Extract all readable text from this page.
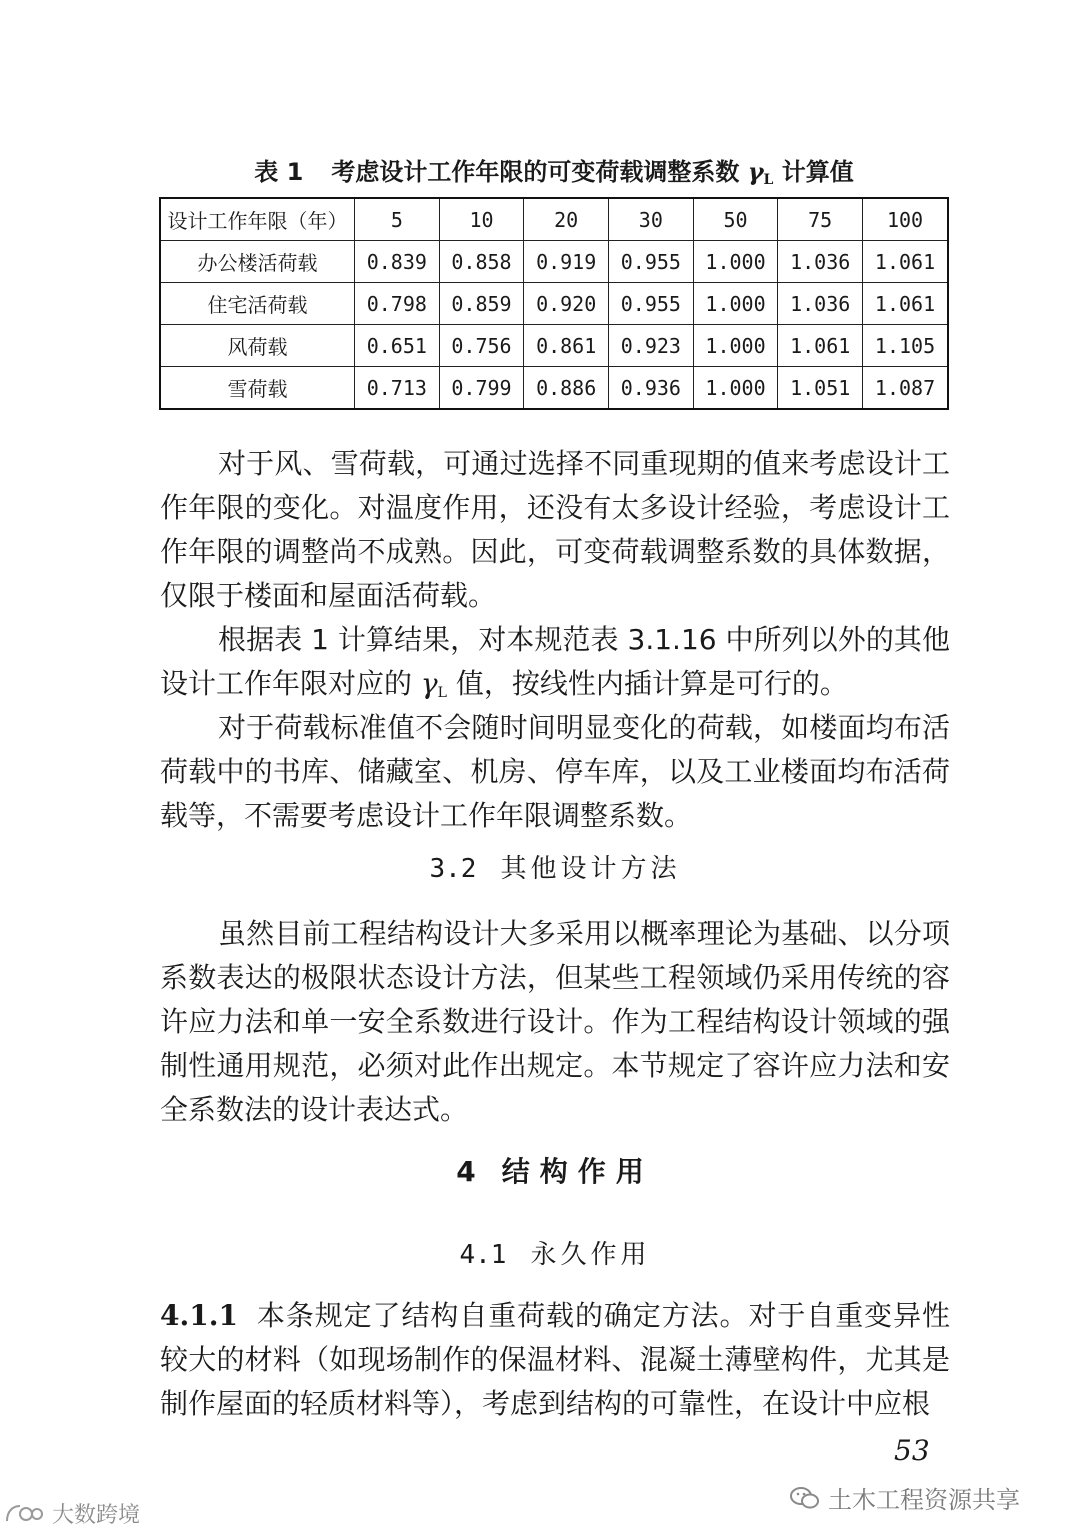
表 1 考虑设计工作年限的可变荷载调整系数 $\gamma_L$ 计算值
设计工作年限（年）	5	10	20	30	50	75	100
办公楼活荷载	0.839	0.858	0.919	0.955	1.000	1.036	1.061
住宅活荷载	0.798	0.859	0.920	0.955	1.000	1.036	1.061
风荷载	0.651	0.756	0.861	0.923	1.000	1.061	1.105
雪荷载	0.713	0.799	0.886	0.936	1.000	1.051	1.087

对于风、雪荷载，可通过选择不同重现期的值来考虑设计工作年限的变化。对温度作用，还没有太多设计经验，考虑设计工作年限的调整尚不成熟。因此，可变荷载调整系数的具体数据，仅限于楼面和屋面活荷载。

根据表 1 计算结果，对本规范表 3.1.16 中所列以外的其他设计工作年限对应的 $\gamma_L$ 值，按线性内插计算是可行的。

对于荷载标准值不会随时间明显变化的荷载，如楼面均布活荷载中的书库、储藏室、机房、停车库，以及工业楼面均布活荷载等，不需要考虑设计工作年限调整系数。

3.2 其他设计方法

虽然目前工程结构设计大多采用以概率理论为基础、以分项系数表达的极限状态设计方法，但某些工程领域仍采用传统的容许应力法和单一安全系数进行设计。作为工程结构设计领域的强制性通用规范，必须对此作出规定。本节规定了容许应力法和安全系数法的设计表达式。

4 结构作用
4.1 永久作用

4.1.1 本条规定了结构自重荷载的确定方法。对于自重变异性较大的材料（如现场制作的保温材料、混凝土薄壁构件，尤其是制作屋面的轻质材料等），考虑到结构的可靠性，在设计中应根

53
土木工程资源共享
大数跨境
